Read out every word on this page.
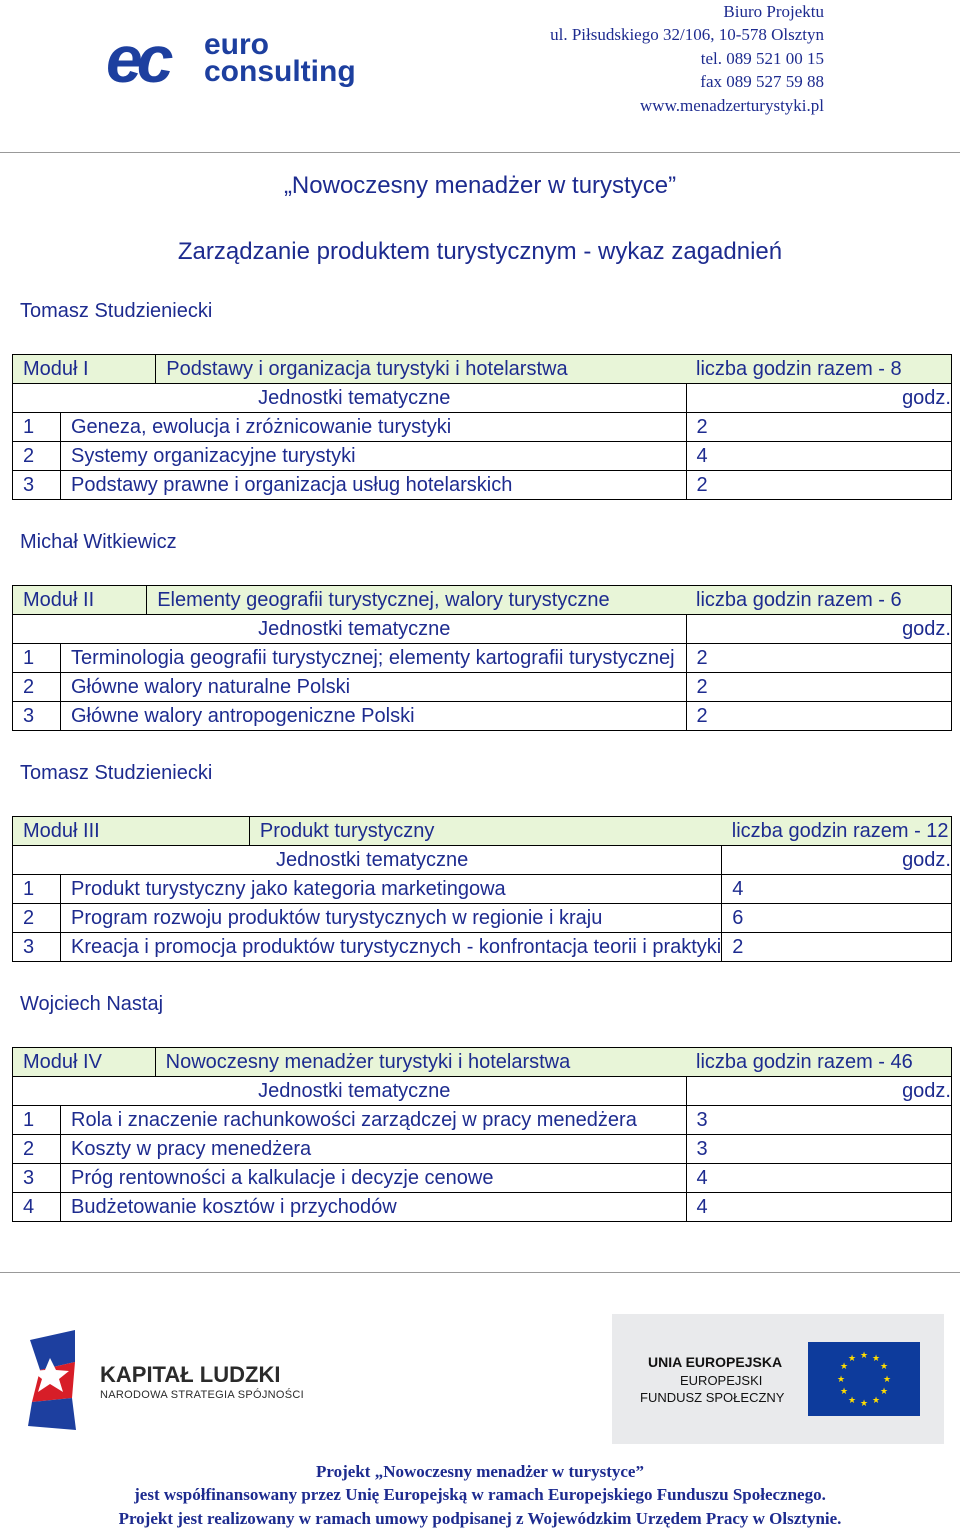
ec euro
consulting
Biuro Projektu
ul. Piłsudskiego 32/106, 10-578 Olsztyn
tel. 089 521 00 15
fax 089 527 59 88
www.menadzerturystyki.pl
„Nowoczesny menadżer w turystyce”
Zarządzanie produktem turystycznym - wykaz zagadnień
Tomasz Studzieniecki
Moduł I		Podstawy i organizacja turystyki i hotelarstwa	liczba godzin razem - 8
Jednostki tematyczne			godz.
1	Geneza, ewolucja i zróżnicowanie turystyki		2
2	Systemy organizacyjne turystyki		4
3	Podstawy prawne i organizacja usług hotelarskich		2
Michał Witkiewicz
Moduł II		Elementy geografii turystycznej, walory turystyczne	liczba godzin razem - 6
Jednostki tematyczne			godz.
1	Terminologia geografii turystycznej; elementy kartografii turystycznej		2
2	Główne walory naturalne Polski		2
3	Główne walory antropogeniczne Polski		2
Tomasz Studzieniecki
Moduł III		Produkt turystyczny	liczba godzin razem - 12
Jednostki tematyczne			godz.
1	Produkt turystyczny jako kategoria marketingowa		4
2	Program rozwoju produktów turystycznych w regionie i kraju		6
3	Kreacja i promocja produktów turystycznych - konfrontacja teorii i praktyki		2
Wojciech Nastaj
Moduł IV		Nowoczesny menadżer turystyki i hotelarstwa	liczba godzin razem - 46
Jednostki tematyczne			godz.
1	Rola i znaczenie rachunkowości zarządczej w pracy menedżera		3
2	Koszty w pracy menedżera		3
3	Próg rentowności a kalkulacje i decyzje cenowe		4
4	Budżetowanie kosztów i przychodów		4
KAPITAŁ LUDZKI
NARODOWA STRATEGIA SPÓJNOŚCI
UNIA EUROPEJSKA
EUROPEJSKI
FUNDUSZ SPOŁECZNY
★ ★
★
★
★
★
★
★
★
★
★
★
Projekt „Nowoczesny menadżer w turystyce”
jest współfinansowany przez Unię Europejską w ramach Europejskiego Funduszu Społecznego.
Projekt jest realizowany w ramach umowy podpisanej z Wojewódzkim Urzędem Pracy w Olsztynie.
